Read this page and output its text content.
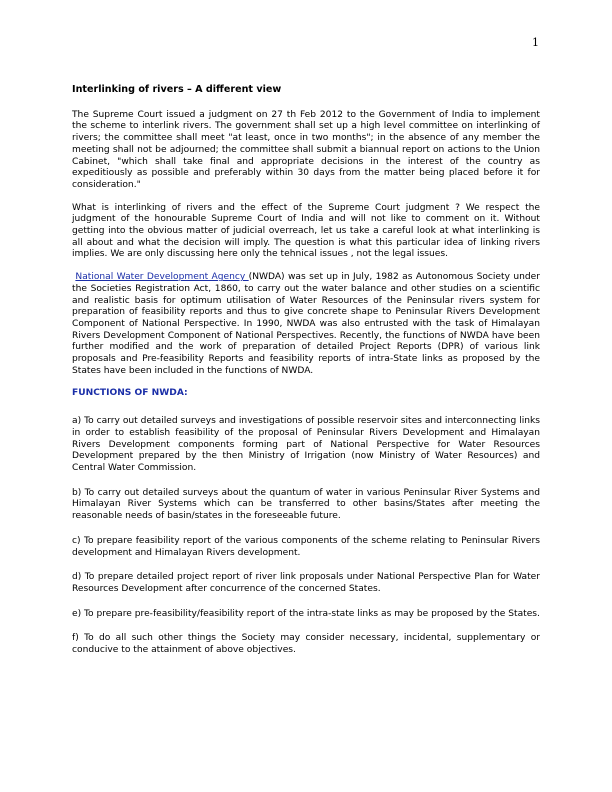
1
Interlinking of rivers – A different view

The Supreme Court issued a judgment on 27 th Feb 2012 to the Government of India to implement the scheme to interlink rivers. The government shall set up a high level committee on interlinking of rivers; the committee shall meet "at least, once in two months"; in the absence of any member the meeting shall not be adjourned; the committee shall submit a biannual report on actions to the Union Cabinet, "which shall take final and appropriate decisions in the interest of the country as expeditiously as possible and preferably within 30 days from the matter being placed before it for consideration."

What is interlinking of rivers and the effect of the Supreme Court judgment ? We respect the judgment of the honourable Supreme Court of India and will not like to comment on it. Without getting into the obvious matter of judicial overreach, let us take a careful look at what interlinking is all about and what the decision will imply. The question is what this particular idea of linking rivers implies. We are only discussing here only the tehnical issues , not the legal issues.

National Water Development Agency (NWDA) was set up in July, 1982 as Autonomous Society under the Societies Registration Act, 1860, to carry out the water balance and other studies on a scientific and realistic basis for optimum utilisation of Water Resources of the Peninsular rivers system for preparation of feasibility reports and thus to give concrete shape to Peninsular Rivers Development Component of National Perspective. In 1990, NWDA was also entrusted with the task of Himalayan Rivers Development Component of National Perspectives. Recently, the functions of NWDA have been further modified and the work of preparation of detailed Project Reports (DPR) of various link proposals and Pre-feasibility Reports and feasibility reports of intra-State links as proposed by the States have been included in the functions of NWDA.

FUNCTIONS OF NWDA:

a) To carry out detailed surveys and investigations of possible reservoir sites and interconnecting links in order to establish feasibility of the proposal of Peninsular Rivers Development and Himalayan Rivers Development components forming part of National Perspective for Water Resources Development prepared by the then Ministry of Irrigation (now Ministry of Water Resources) and Central Water Commission.

b) To carry out detailed surveys about the quantum of water in various Peninsular River Systems and Himalayan River Systems which can be transferred to other basins/States after meeting the reasonable needs of basin/states in the foreseeable future.

c) To prepare feasibility report of the various components of the scheme relating to Peninsular Rivers development and Himalayan Rivers development.

d) To prepare detailed project report of river link proposals under National Perspective Plan for Water Resources Development after concurrence of the concerned States.

e) To prepare pre-feasibility/feasibility report of the intra-state links as may be proposed by the States.

f) To do all such other things the Society may consider necessary, incidental, supplementary or conducive to the attainment of above objectives.
